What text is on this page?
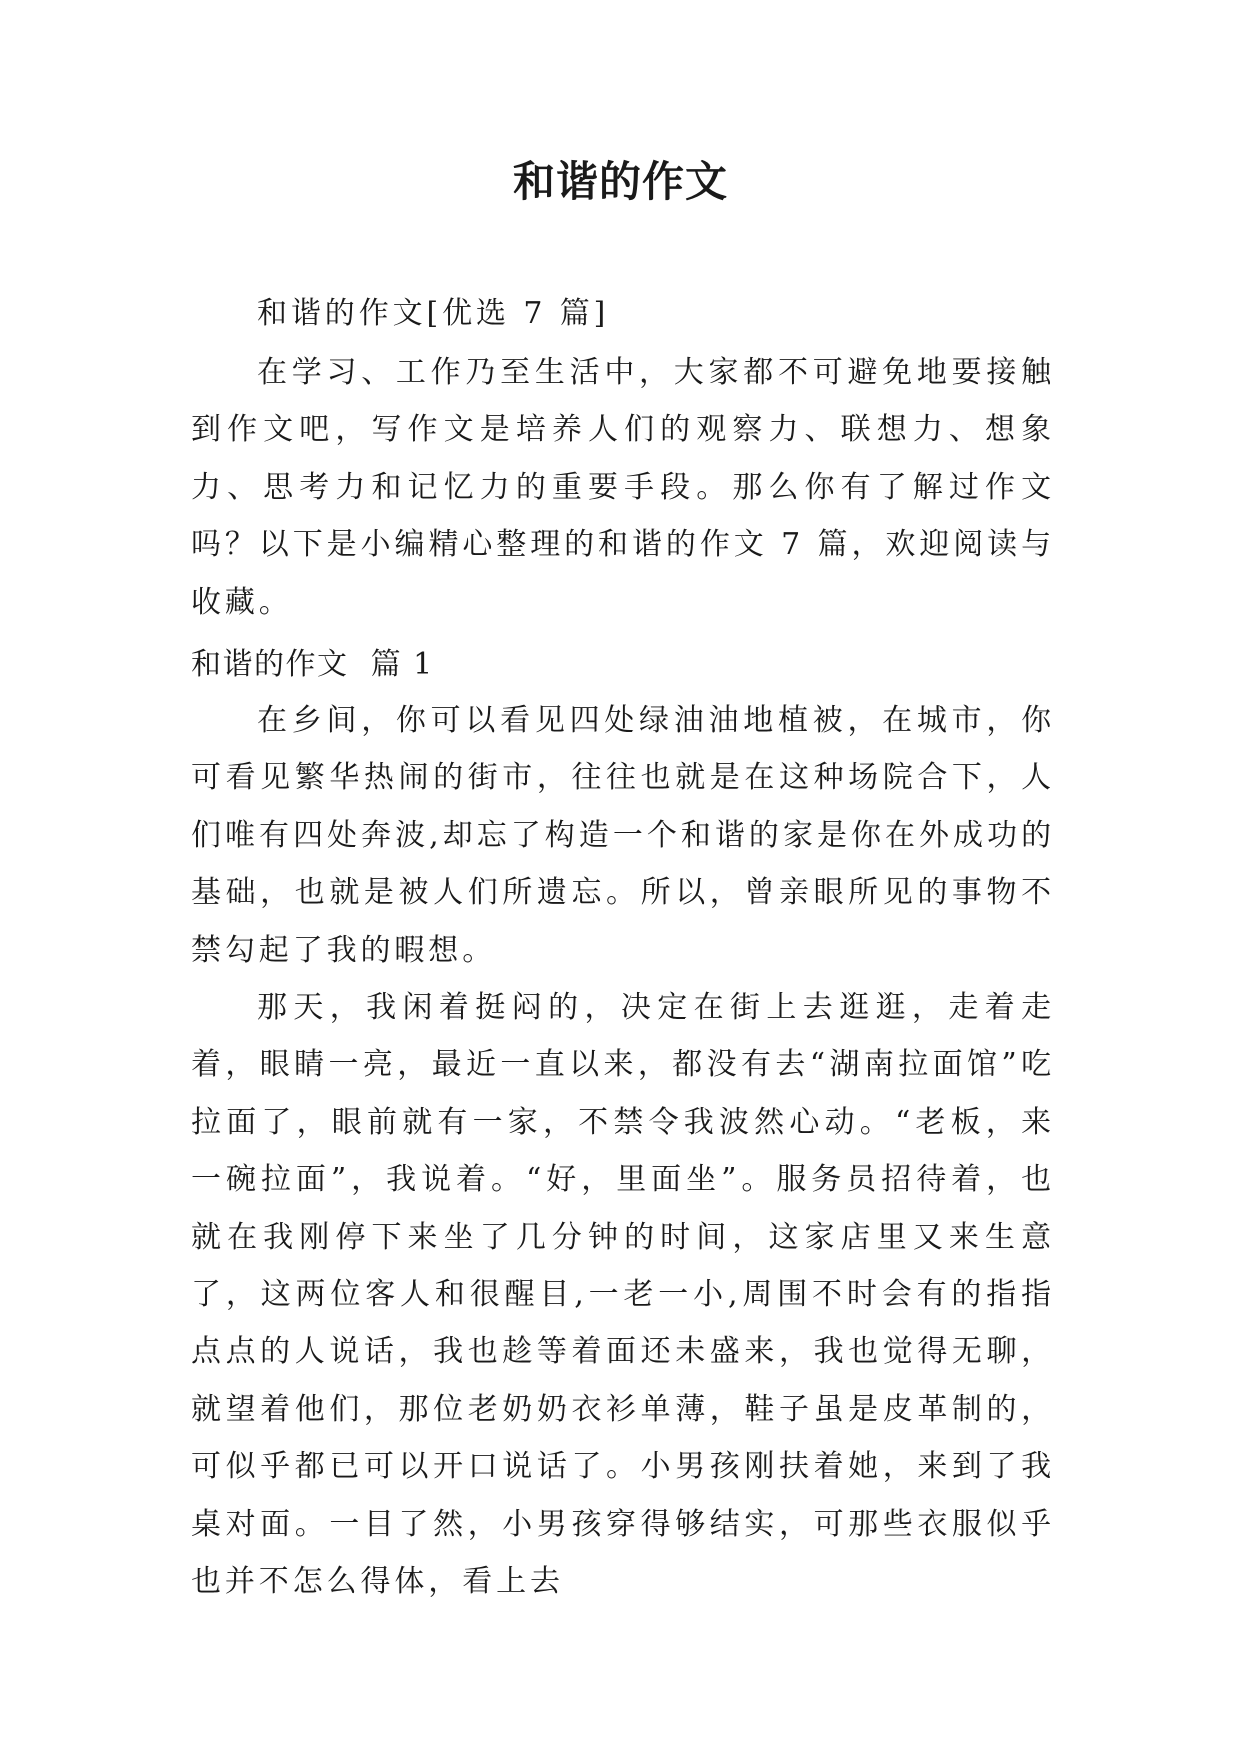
和谐的作文

和谐的作文[优选 7 篇]

在学习、工作乃至生活中，大家都不可避免地要接触到作文吧，写作文是培养人们的观察力、联想力、想象力、思考力和记忆力的重要手段。那么你有了解过作文吗？以下是小编精心整理的和谐的作文 7 篇，欢迎阅读与收藏。

和谐的作文  篇 1

在乡间，你可以看见四处绿油油地植被，在城市，你可看见繁华热闹的街市，往往也就是在这种场院合下，人们唯有四处奔波,却忘了构造一个和谐的家是你在外成功的基础，也就是被人们所遗忘。所以，曾亲眼所见的事物不禁勾起了我的暇想。

那天，我闲着挺闷的，决定在街上去逛逛，走着走着，眼睛一亮，最近一直以来，都没有去“湖南拉面馆”吃拉面了，眼前就有一家，不禁令我波然心动。“老板，来一碗拉面”，我说着。“好，里面坐”。服务员招待着，也就在我刚停下来坐了几分钟的时间，这家店里又来生意了，这两位客人和很醒目,一老一小,周围不时会有的指指点点的人说话，我也趁等着面还未盛来，我也觉得无聊，就望着他们，那位老奶奶衣衫单薄，鞋子虽是皮革制的，可似乎都已可以开口说话了。小男孩刚扶着她，来到了我桌对面。一目了然，小男孩穿得够结实，可那些衣服似乎也并不怎么得体，看上去
